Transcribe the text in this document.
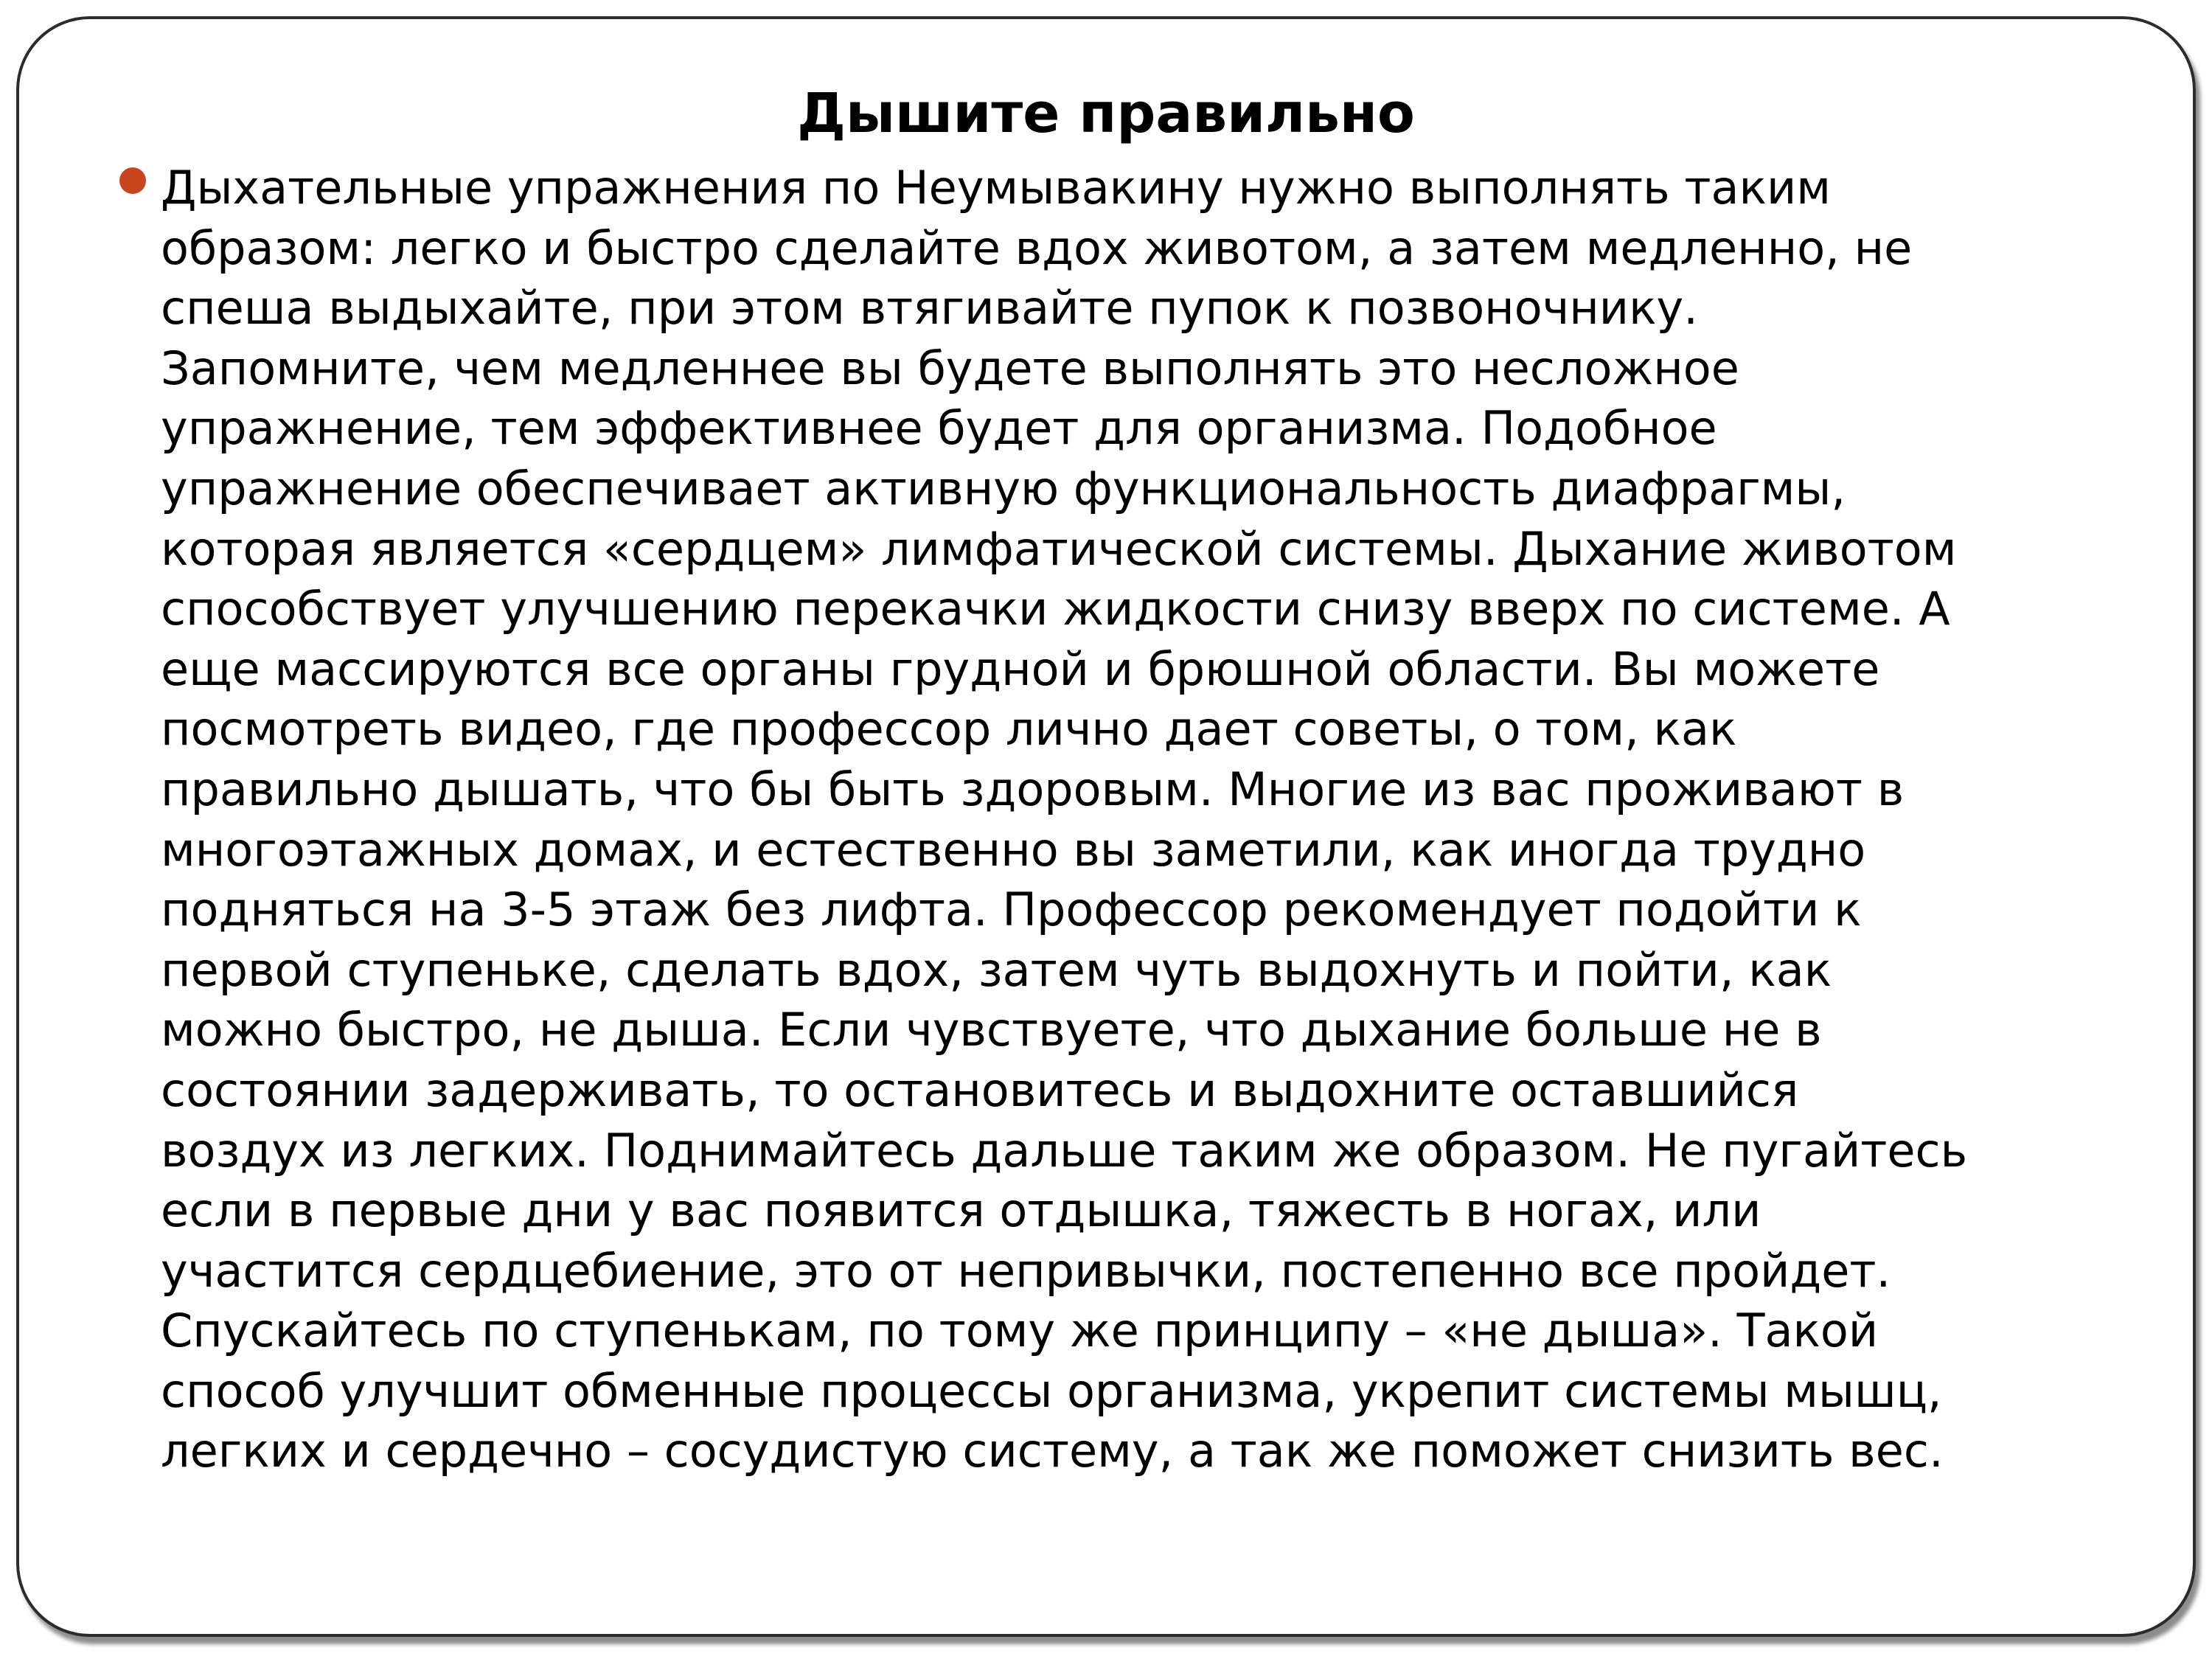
Дышите правильно

Дыхательные упражнения по Неумывакину нужно выполнять таким
образом: легко и быстро сделайте вдох животом, а затем медленно, не
спеша выдыхайте, при этом втягивайте пупок к позвоночнику.
Запомните, чем медленнее вы будете выполнять это несложное
упражнение, тем эффективнее будет для организма. Подобное
упражнение обеспечивает активную функциональность диафрагмы,
которая является «сердцем» лимфатической системы. Дыхание животом
способствует улучшению перекачки жидкости снизу вверх по системе. А
еще массируются все органы грудной и брюшной области. Вы можете
посмотреть видео, где профессор лично дает советы, о том, как
правильно дышать, что бы быть здоровым. Многие из вас проживают в
многоэтажных домах, и естественно вы заметили, как иногда трудно
подняться на 3-5 этаж без лифта. Профессор рекомендует подойти к
первой ступеньке, сделать вдох, затем чуть выдохнуть и пойти, как
можно быстро, не дыша. Если чувствуете, что дыхание больше не в
состоянии задерживать, то остановитесь и выдохните оставшийся
воздух из легких. Поднимайтесь дальше таким же образом. Не пугайтесь
если в первые дни у вас появится отдышка, тяжесть в ногах, или
участится сердцебиение, это от непривычки, постепенно все пройдет.
Спускайтесь по ступенькам, по тому же принципу – «не дыша». Такой
способ улучшит обменные процессы организма, укрепит системы мышц,
легких и сердечно – сосудистую систему, а так же поможет снизить вес.
